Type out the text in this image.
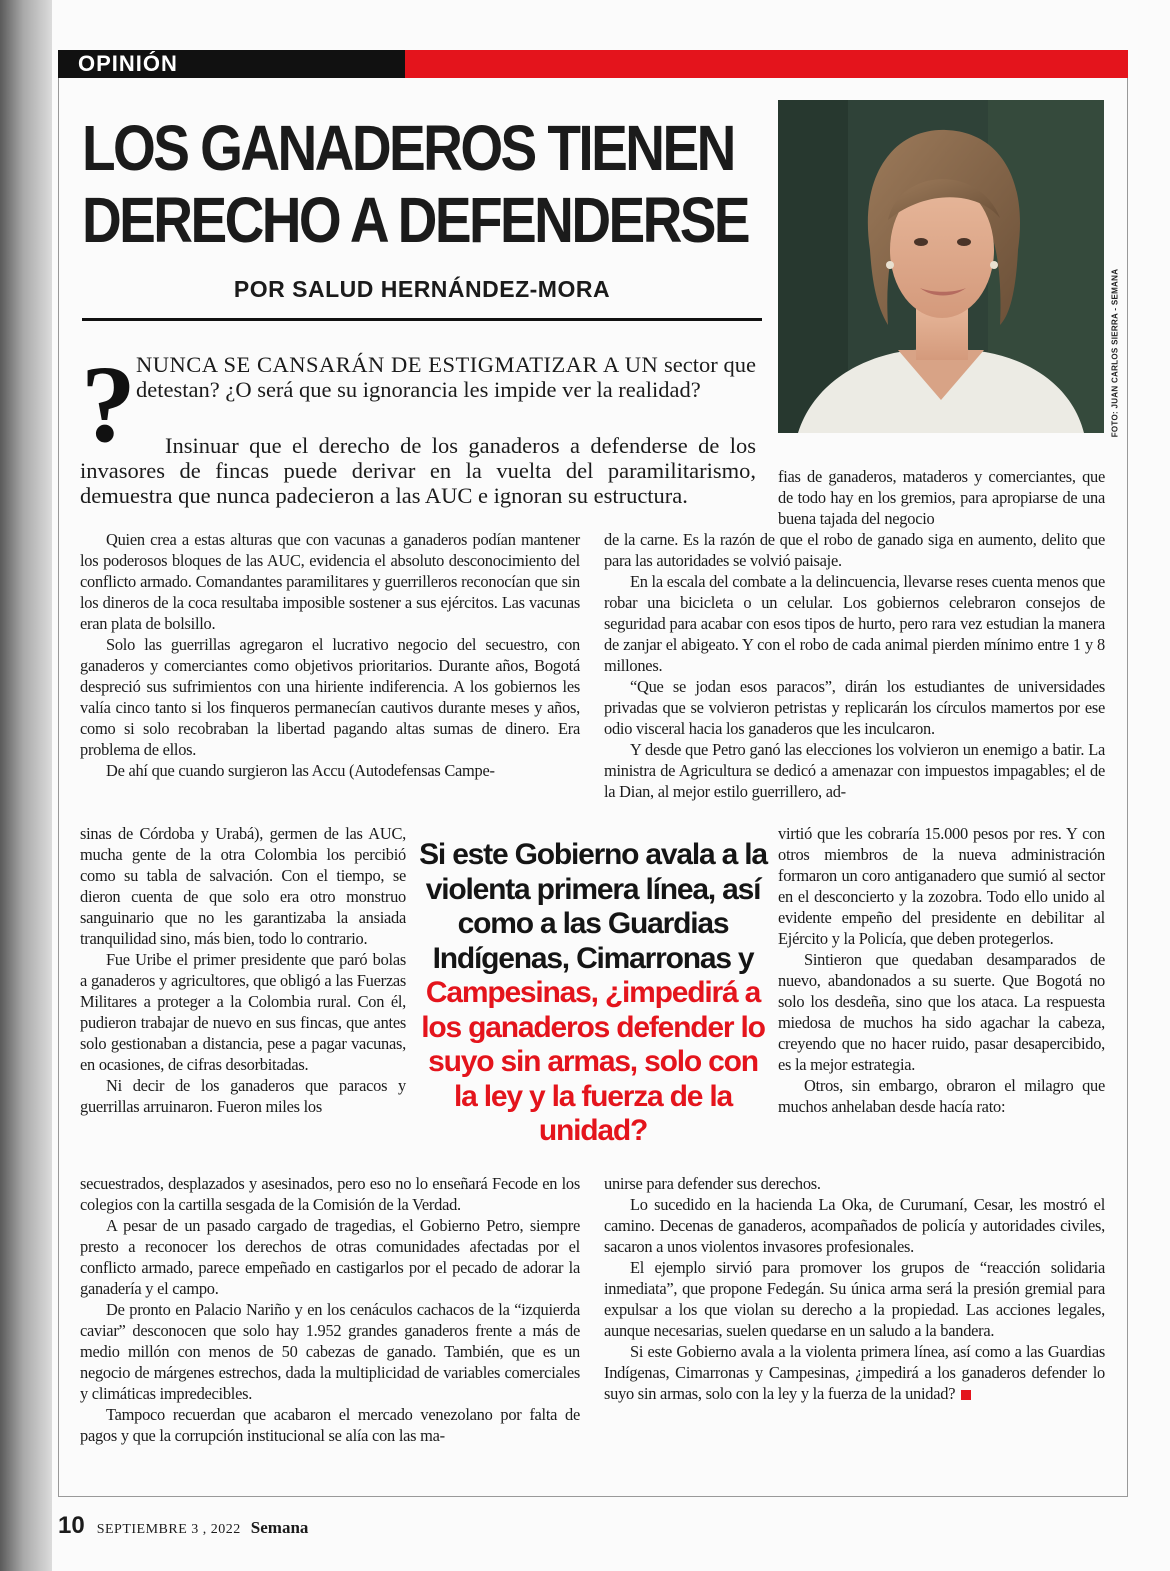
OPINIÓN
LOS GANADEROS TIENEN
DERECHO A DEFENDERSE
POR SALUD HERNÁNDEZ-MORA	FOTO: JUAN CARLOS SIERRA - SEMANA
¿
NUNCA SE CANSARÁN DE ESTIGMATIZAR A UN sector que detestan? ¿O será que su ignorancia les impide ver la realidad?
Insinuar que el derecho de los ganaderos a defenderse de los invasores de fincas puede derivar en la vuelta del paramilitarismo, demuestra que nunca padecieron a las AUC e ignoran su estructura.

Quien crea a estas alturas que con vacunas a ganaderos podían mantener los poderosos bloques de las AUC, evidencia el absoluto desconocimiento del conflicto armado. Comandantes paramilitares y guerrilleros reconocían que sin los dineros de la coca resultaba imposible sostener a sus ejércitos. Las vacunas eran plata de bolsillo.

Solo las guerrillas agregaron el lucrativo negocio del secuestro, con ganaderos y comerciantes como objetivos prioritarios. Durante años, Bogotá despreció sus sufrimientos con una hiriente indiferencia. A los gobiernos les valía cinco tanto si los finqueros permanecían cautivos durante meses y años, como si solo recobraban la libertad pagando altas sumas de dinero. Era problema de ellos.

De ahí que cuando surgieron las Accu (Autodefensas Campe-

sinas de Córdoba y Urabá), germen de las AUC, mucha gente de la otra Colombia los percibió como su tabla de salvación. Con el tiempo, se dieron cuenta de que solo era otro monstruo sanguinario que no les garantizaba la ansiada tranquilidad sino, más bien, todo lo contrario.

Fue Uribe el primer presidente que paró bolas a ganaderos y agricultores, que obligó a las Fuerzas Militares a proteger a la Colombia rural. Con él, pudieron trabajar de nuevo en sus fincas, que antes solo gestionaban a distancia, pese a pagar vacunas, en ocasiones, de cifras desorbitadas.

Ni decir de los ganaderos que paracos y guerrillas arruinaron. Fueron miles los

secuestrados, desplazados y asesinados, pero eso no lo enseñará Fecode en los colegios con la cartilla sesgada de la Comisión de la Verdad.

A pesar de un pasado cargado de tragedias, el Gobierno Petro, siempre presto a reconocer los derechos de otras comunidades afectadas por el conflicto armado, parece empeñado en castigarlos por el pecado de adorar la ganadería y el campo.

De pronto en Palacio Nariño y en los cenáculos cachacos de la “izquierda caviar” desconocen que solo hay 1.952 grandes ganaderos frente a más de medio millón con menos de 50 cabezas de ganado. También, que es un negocio de márgenes estrechos, dada la multiplicidad de variables comerciales y climáticas impredecibles.

Tampoco recuerdan que acabaron el mercado venezolano por falta de pagos y que la corrupción institucional se alía con las ma-

fias de ganaderos, mataderos y comerciantes, que de todo hay en los gremios, para apropiarse de una buena tajada del negocio

de la carne. Es la razón de que el robo de ganado siga en aumento, delito que para las autoridades se volvió paisaje.

En la escala del combate a la delincuencia, llevarse reses cuenta menos que robar una bicicleta o un celular. Los gobiernos celebraron consejos de seguridad para acabar con esos tipos de hurto, pero rara vez estudian la manera de zanjar el abigeato. Y con el robo de cada animal pierden mínimo entre 1 y 8 millones.

“Que se jodan esos paracos”, dirán los estudiantes de universidades privadas que se volvieron petristas y replicarán los círculos mamertos por ese odio visceral hacia los ganaderos que les inculcaron.

Y desde que Petro ganó las elecciones los volvieron un enemigo a batir. La ministra de Agricultura se dedicó a amenazar con impuestos impagables; el de la Dian, al mejor estilo guerrillero, ad-

virtió que les cobraría 15.000 pesos por res. Y con otros miembros de la nueva administración formaron un coro antiganadero que sumió al sector en el desconcierto y la zozobra. Todo ello unido al evidente empeño del presidente en debilitar al Ejército y la Policía, que deben protegerlos.

Sintieron que quedaban desamparados de nuevo, abandonados a su suerte. Que Bogotá no solo los desdeña, sino que los ataca. La respuesta miedosa de muchos ha sido agachar la cabeza, creyendo que no hacer ruido, pasar desapercibido, es la mejor estrategia.

Otros, sin embargo, obraron el milagro que muchos anhelaban desde hacía rato:

unirse para defender sus derechos.

Lo sucedido en la hacienda La Oka, de Curumaní, Cesar, les mostró el camino. Decenas de ganaderos, acompañados de policía y autoridades civiles, sacaron a unos violentos invasores profesionales.

El ejemplo sirvió para promover los grupos de “reacción solidaria inmediata”, que propone Fedegán. Su única arma será la presión gremial para expulsar a los que violan su derecho a la propiedad. Las acciones legales, aunque necesarias, suelen quedarse en un saludo a la bandera.

Si este Gobierno avala a la violenta primera línea, así como a las Guardias Indígenas, Cimarronas y Campesinas, ¿impedirá a los ganaderos defender lo suyo sin armas, solo con la ley y la fuerza de la unidad?

Si este Gobierno avala a la violenta primera línea, así como a las Guardias Indígenas, Cimarronas y Campesinas, ¿impedirá a los ganaderos defender lo suyo sin armas, solo con la ley y la fuerza de la unidad?
10 SEPTIEMBRE 3 , 2022 Semana
